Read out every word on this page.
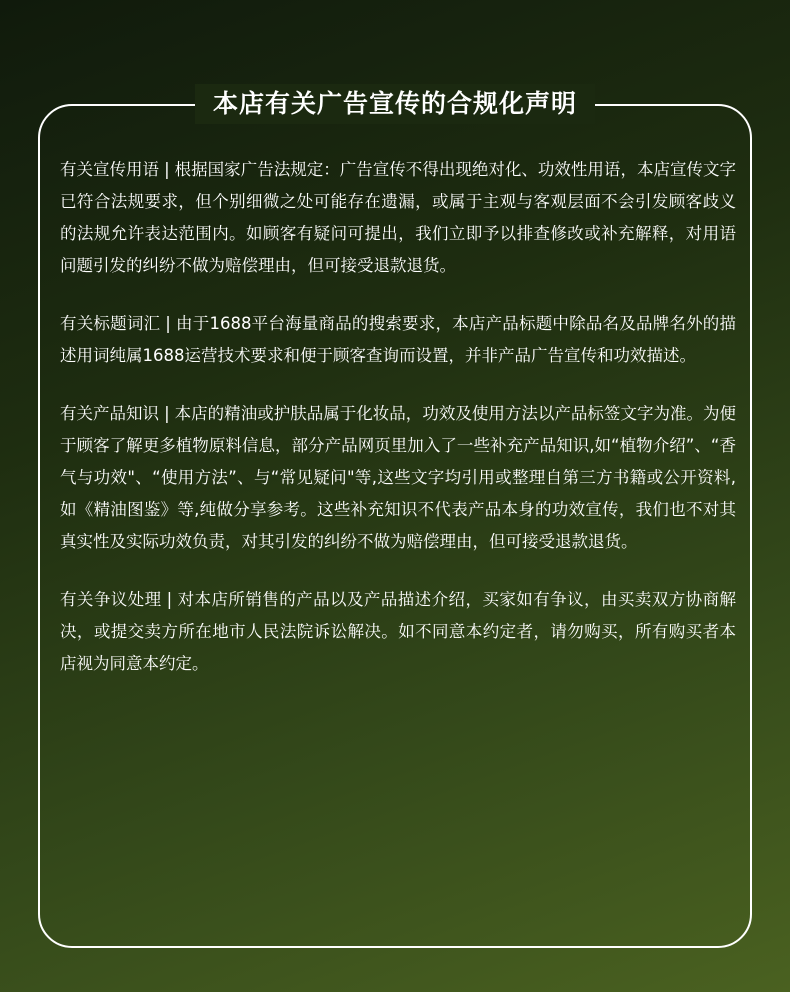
本店有关广告宣传的合规化声明

有关宣传用语 | 根据国家广告法规定：广告宣传不得出现绝对化、功效性用语，本店宣传文字已符合法规要求，但个别细微之处可能存在遗漏，或属于主观与客观层面不会引发顾客歧义的法规允许表达范围内。如顾客有疑问可提出，我们立即予以排查修改或补充解释，对用语问题引发的纠纷不做为赔偿理由，但可接受退款退货。

有关标题词汇 | 由于1688平台海量商品的搜索要求，本店产品标题中除品名及品牌名外的描述用词纯属1688运营技术要求和便于顾客查询而设置，并非产品广告宣传和功效描述。

有关产品知识 | 本店的精油或护肤品属于化妆品，功效及使用方法以产品标签文字为准。为便于顾客了解更多植物原料信息，部分产品网页里加入了一些补充产品知识,如“植物介绍”、“香气与功效"、“使用方法”、与“常见疑问"等,这些文字均引用或整理自第三方书籍或公开资料,如《精油图鉴》等,纯做分享参考。这些补充知识不代表产品本身的功效宣传，我们也不对其真实性及实际功效负责，对其引发的纠纷不做为赔偿理由，但可接受退款退货。

有关争议处理 | 对本店所销售的产品以及产品描述介绍，买家如有争议，由买卖双方协商解决，或提交卖方所在地市人民法院诉讼解决。如不同意本约定者，请勿购买，所有购买者本店视为同意本约定。
